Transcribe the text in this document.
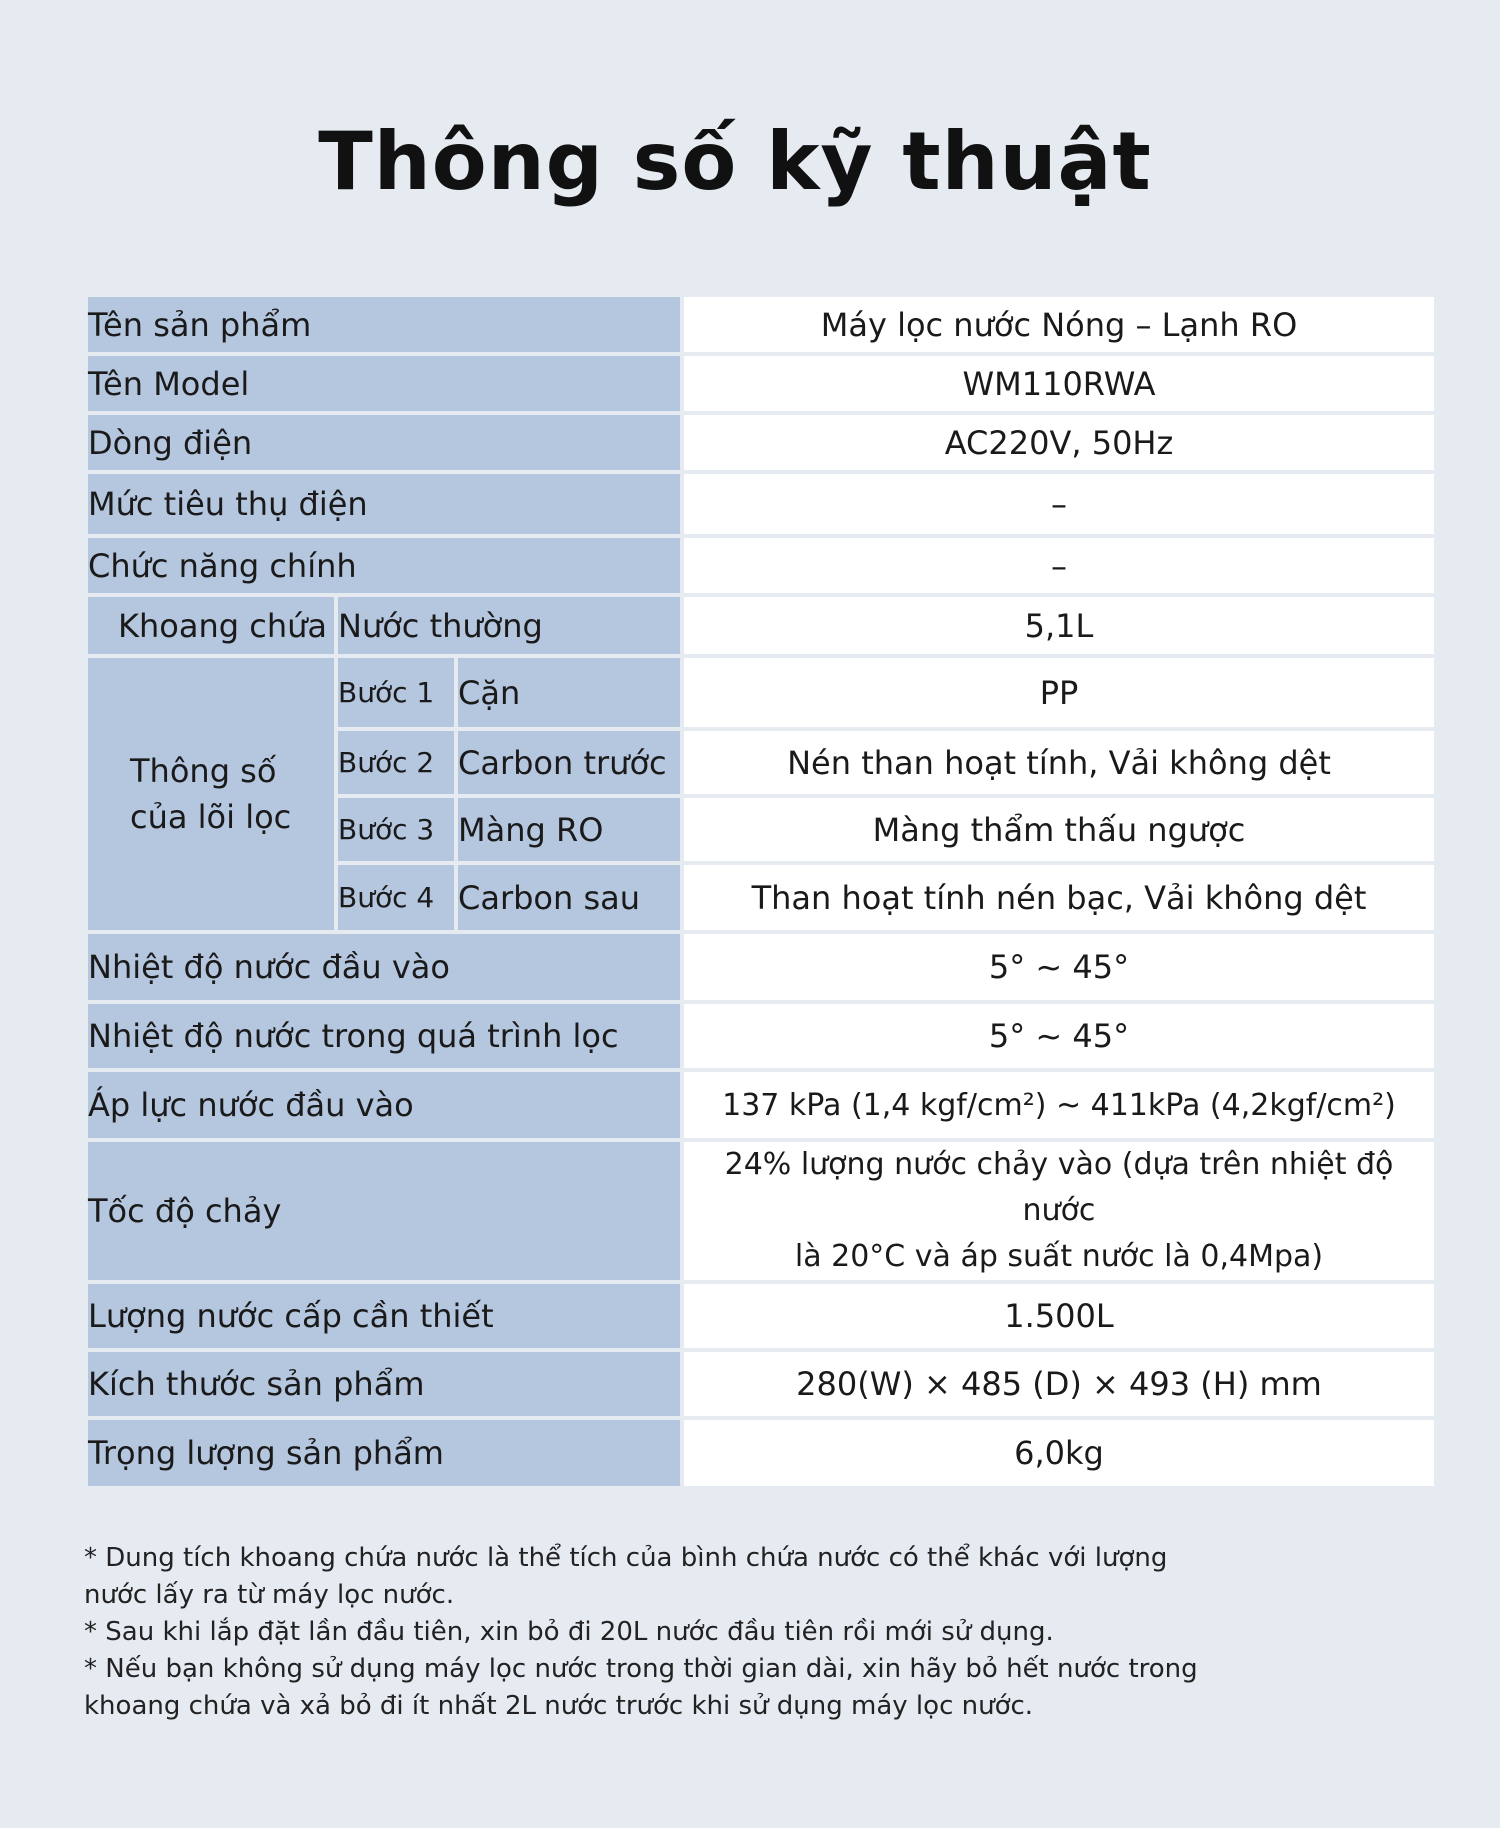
Thông số kỹ thuật
Tên sản phẩm			Máy lọc nước Nóng – Lạnh RO
Tên Model			WM110RWA
Dòng điện			AC220V, 50Hz
Mức tiêu thụ điện			–
Chức năng chính			–
Khoang chứa	Nước thường		5,1L

Thông số
của lõi lọc	Bước 1	Cặn	PP
	Bước 2	Carbon trước	Nén than hoạt tính, Vải không dệt
	Bước 3	Màng RO	Màng thẩm thấu ngược
	Bước 4	Carbon sau	Than hoạt tính nén bạc, Vải không dệt
Nhiệt độ nước đầu vào			5° ~ 45°
Nhiệt độ nước trong quá trình lọc			5° ~ 45°
Áp lực nước đầu vào			137 kPa (1,4 kgf/cm²) ~ 411kPa (4,2kgf/cm²)
Tốc độ chảy			24% lượng nước chảy vào (dựa trên nhiệt độ nước
là 20°C và áp suất nước là 0,4Mpa)

Lượng nước cấp cần thiết			1.500L
Kích thước sản phẩm			280(W) × 485 (D) × 493 (H) mm
Trọng lượng sản phẩm			6,0kg

* Dung tích khoang chứa nước là thể tích của bình chứa nước có thể khác với lượng

nước lấy ra từ máy lọc nước.

* Sau khi lắp đặt lần đầu tiên, xin bỏ đi 20L nước đầu tiên rồi mới sử dụng.

* Nếu bạn không sử dụng máy lọc nước trong thời gian dài, xin hãy bỏ hết nước trong

khoang chứa và xả bỏ đi ít nhất 2L nước trước khi sử dụng máy lọc nước.
